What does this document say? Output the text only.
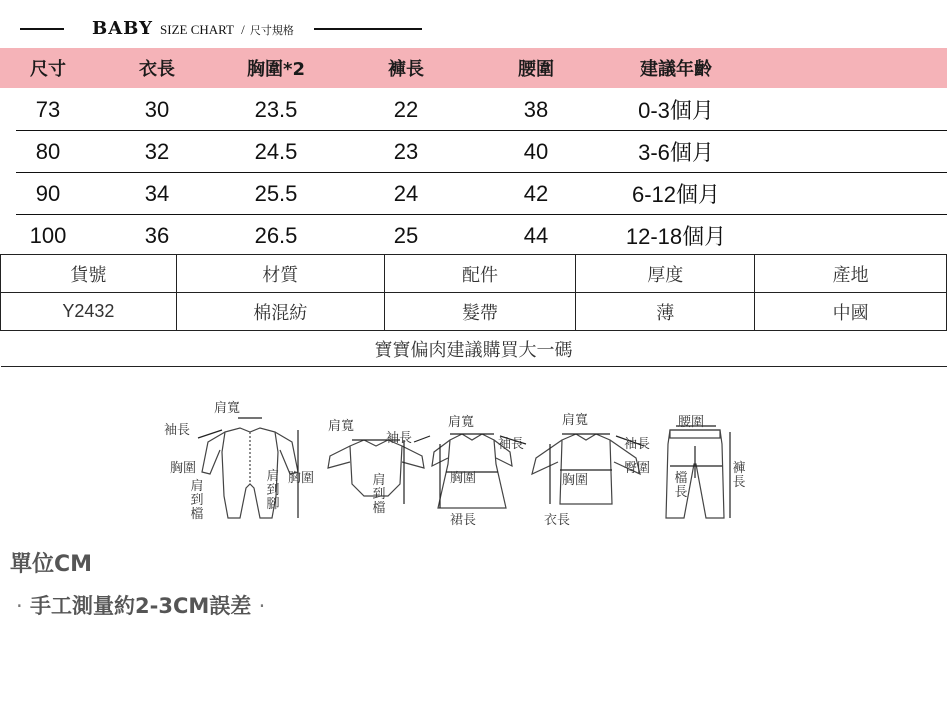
BABY SIZE CHART / 尺寸規格
尺寸	衣長	胸圍*2	褲長	腰圍	建議年齡
73	30	23.5	22	38	0-3個月
80	32	24.5	23	40	3-6個月
90	34	25.5	24	42	6-12個月
100	36	26.5	25	44	12-18個月
貨號	材質	配件	厚度	產地
Y2432	棉混紡	髮帶	薄	中國
寶寶偏肉建議購買大一碼				
肩寬
袖長
胸圍
肩到檔
肩到腳
肩寬
袖長
胸圍	肩到檔
肩寬
袖長
胸圍
裙長
肩寬
袖長
胸圍
衣長
腰圍
臀圍
檔長
褲長
單位CM
· 手工測量約2-3CM誤差 ·
